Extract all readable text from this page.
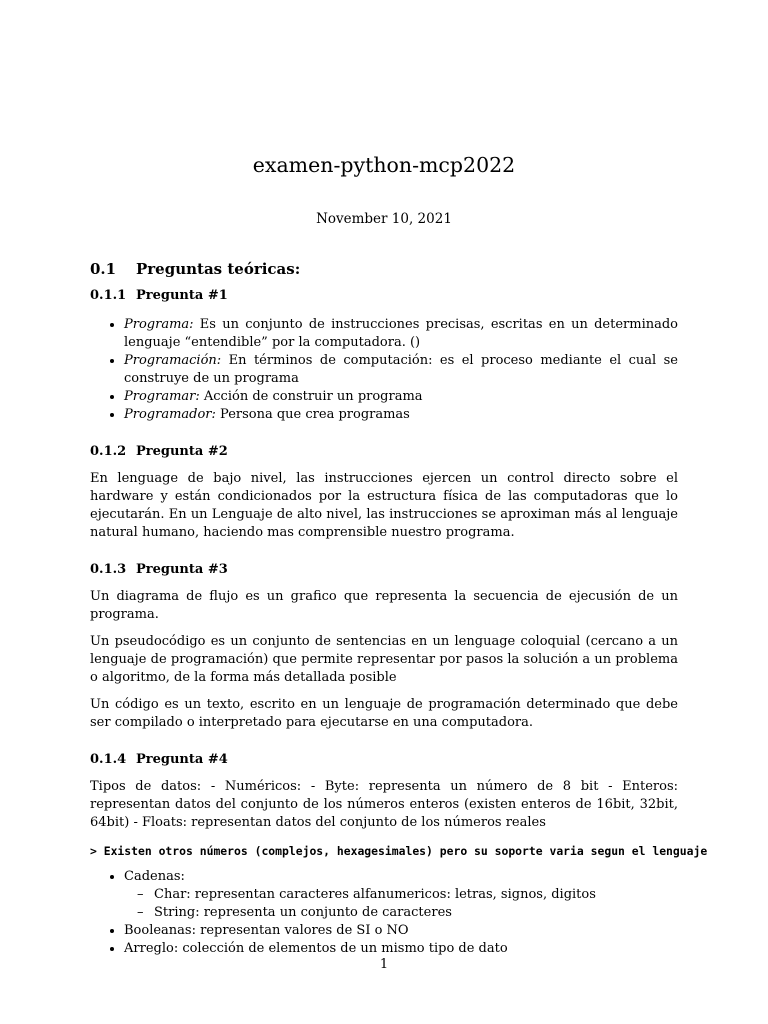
examen-python-mcp2022
November 10, 2021
0.1 Preguntas teóricas:
0.1.1 Pregunta #1
• Programa: Es un conjunto de instrucciones precisas, escritas en un determinado lenguaje “entendible” por la computadora. ()
• Programación: En términos de computación: es el proceso mediante el cual se construye de un programa
• Programar: Acción de construir un programa
• Programador: Persona que crea programas
0.1.2 Pregunta #2

En lenguage de bajo nivel, las instrucciones ejercen un control directo sobre el hardware y están condicionados por la estructura física de las computadoras que lo ejecutarán. En un Lenguaje de alto nivel, las instrucciones se aproximan más al lenguaje natural humano, haciendo mas comprensible nuestro programa.

0.1.3 Pregunta #3

Un diagrama de flujo es un grafico que representa la secuencia de ejecusión de un programa.

Un pseudocódigo es un conjunto de sentencias en un lenguage coloquial (cercano a un lenguaje de programación) que permite representar por pasos la solución a un problema o algoritmo, de la forma más detallada posible

Un código es un texto, escrito en un lenguaje de programación determinado que debe ser compilado o interpretado para ejecutarse en una computadora.

0.1.4 Pregunta #4

Tipos de datos: - Numéricos: - Byte: representa un número de 8 bit - Enteros: representan datos del conjunto de los números enteros (existen enteros de 16bit, 32bit, 64bit) - Floats: representan datos del conjunto de los números reales

> Existen otros números (complejos, hexagesimales) pero su soporte varia segun el lenguaje
• Cadenas:
– Char: representan caracteres alfanumericos: letras, signos, digitos
– String: representa un conjunto de caracteres
• Booleanas: representan valores de SI o NO
• Arreglo: colección de elementos de un mismo tipo de dato
1
